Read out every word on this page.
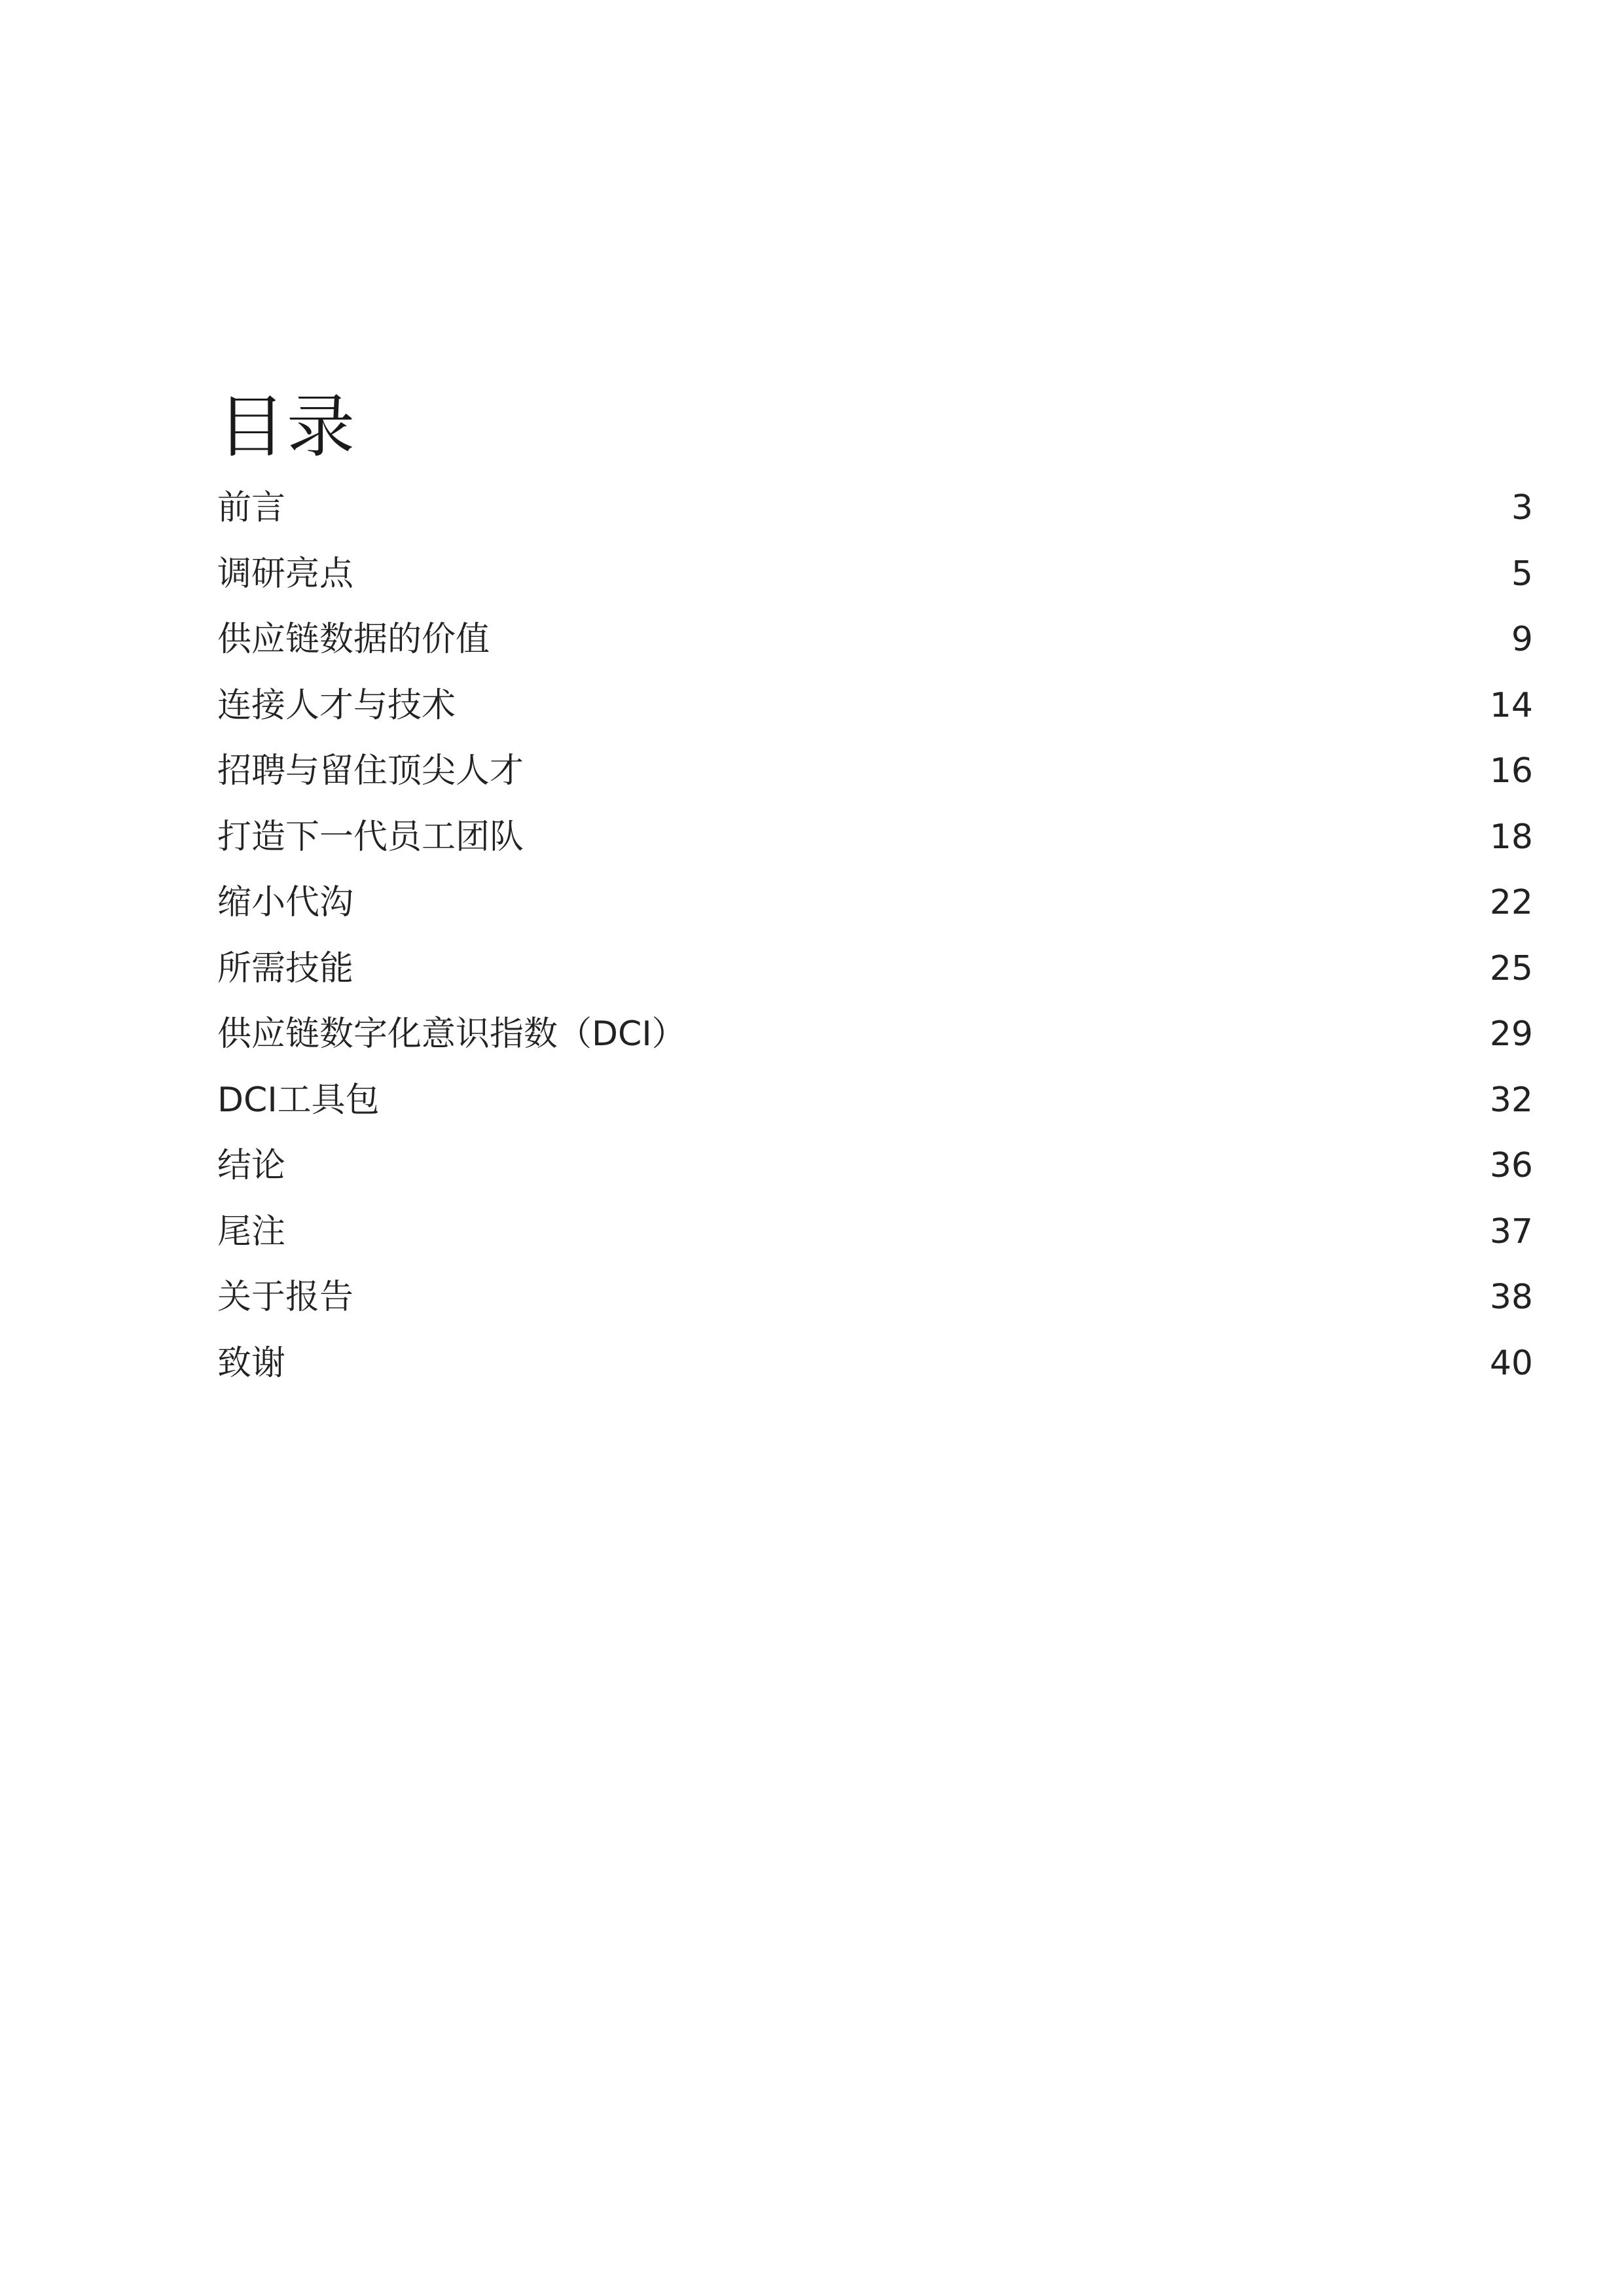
目录
前言	3
调研亮点	5
供应链数据的价值	9
连接人才与技术	14
招聘与留住顶尖人才	16
打造下一代员工团队	18
缩小代沟	22
所需技能	25
供应链数字化意识指数（DCI）	29
DCI工具包	32
结论	36
尾注	37
关于报告	38
致谢	40
